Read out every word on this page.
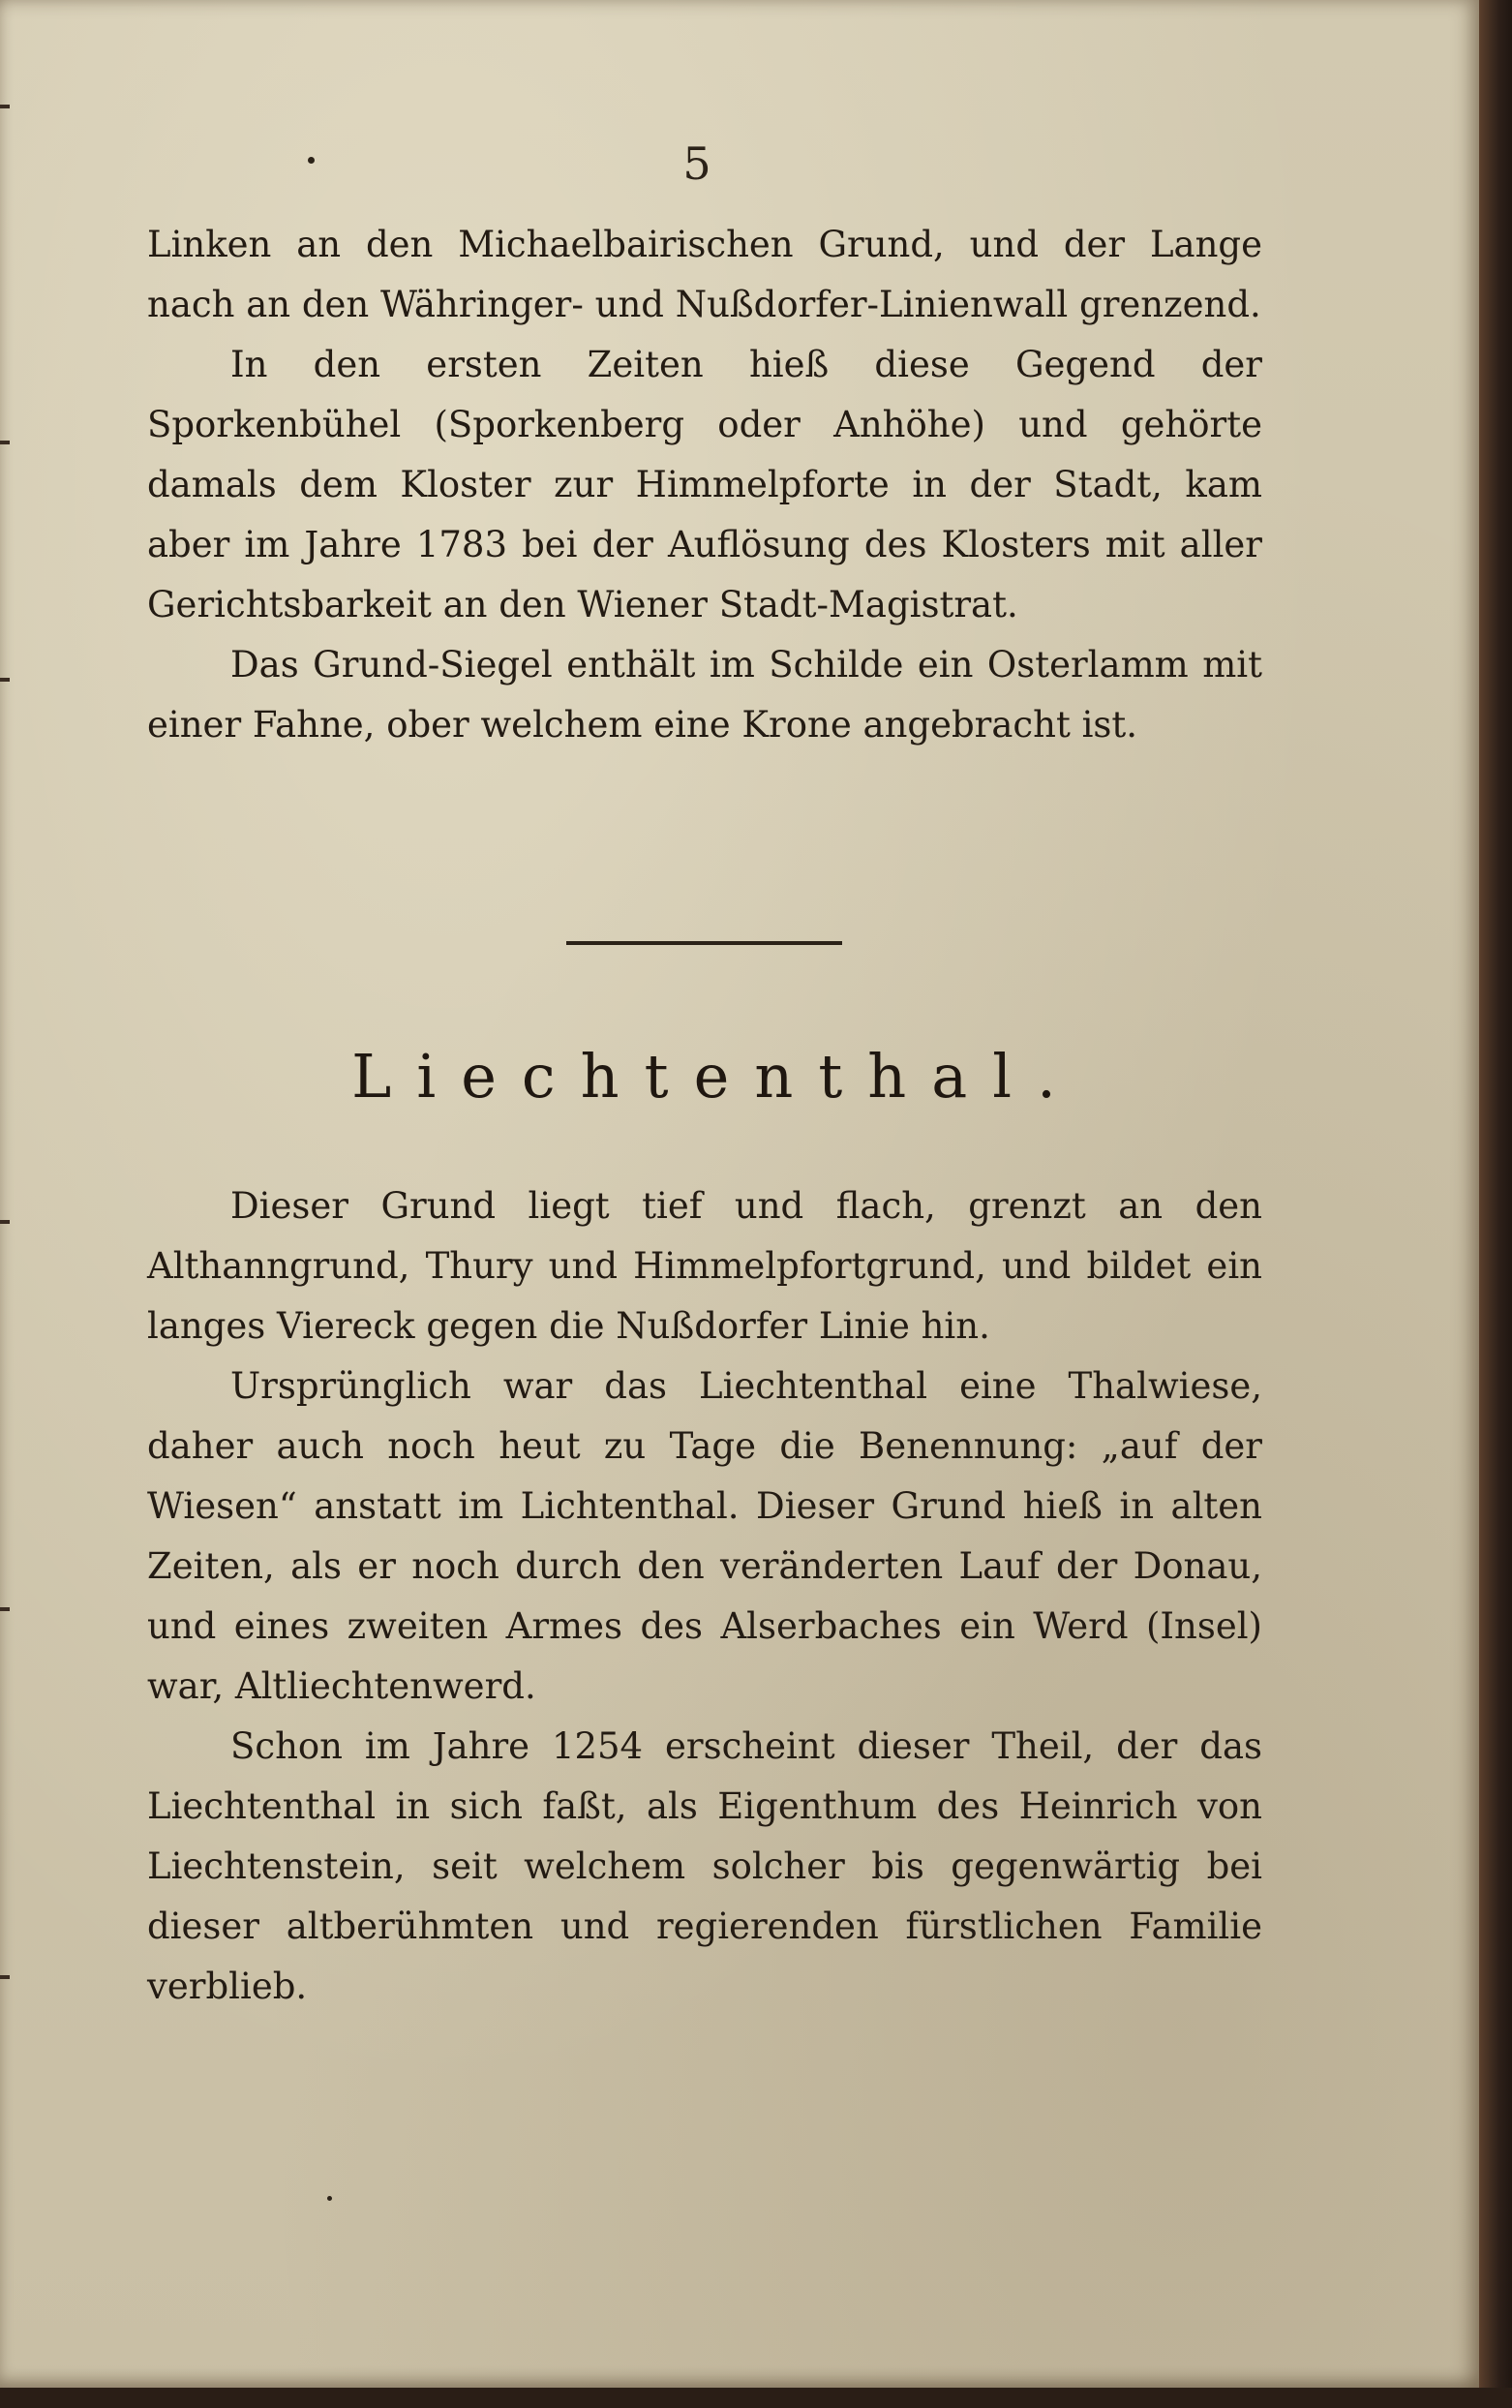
5

Linken an den Michaelbairischen Grund, und der Lange nach an den Währinger- und Nußdorfer-Linienwall grenzend.

In den ersten Zeiten hieß diese Gegend der Sporkenbühel (Sporkenberg oder Anhöhe) und gehörte damals dem Kloster zur Himmelpforte in der Stadt, kam aber im Jahre 1783 bei der Auflösung des Klosters mit aller Gerichtsbarkeit an den Wiener Stadt-Magistrat.

Das Grund-Siegel enthält im Schilde ein Osterlamm mit einer Fahne, ober welchem eine Krone angebracht ist.

Liechtenthal.

Dieser Grund liegt tief und flach, grenzt an den Althanngrund, Thury und Himmelpfortgrund, und bildet ein langes Viereck gegen die Nußdorfer Linie hin.

Ursprünglich war das Liechtenthal eine Thalwiese, daher auch noch heut zu Tage die Benennung: „auf der Wiesen“ anstatt im Lichtenthal. Dieser Grund hieß in alten Zeiten, als er noch durch den veränderten Lauf der Donau, und eines zweiten Armes des Alserbaches ein Werd (Insel) war, Altliechtenwerd.

Schon im Jahre 1254 erscheint dieser Theil, der das Liechtenthal in sich faßt, als Eigenthum des Heinrich von Liechtenstein, seit welchem solcher bis gegenwärtig bei dieser altberühmten und regierenden fürstlichen Familie verblieb.
